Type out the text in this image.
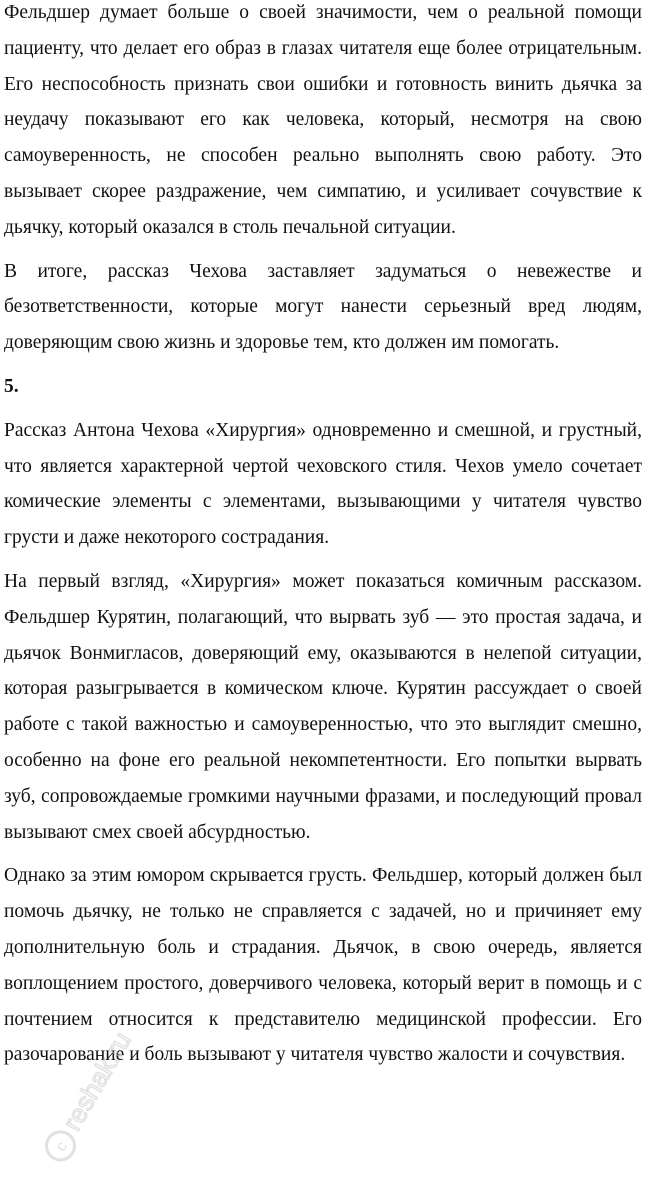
Фельдшер думает больше о своей значимости, чем о реальной помощи пациенту, что делает его образ в глазах читателя еще более отрицательным. Его неспособность признать свои ошибки и готовность винить дьячка за неудачу показывают его как человека, который, несмотря на свою самоуверенность, не способен реально выполнять свою работу. Это вызывает скорее раздражение, чем симпатию, и усиливает сочувствие к дьячку, который оказался в столь печальной ситуации.

В итоге, рассказ Чехова заставляет задуматься о невежестве и безответственности, которые могут нанести серьезный вред людям, доверяющим свою жизнь и здоровье тем, кто должен им помогать.

5.

Рассказ Антона Чехова «Хирургия» одновременно и смешной, и грустный, что является характерной чертой чеховского стиля. Чехов умело сочетает комические элементы с элементами, вызывающими у читателя чувство грусти и даже некоторого сострадания.

На первый взгляд, «Хирургия» может показаться комичным рассказом. Фельдшер Курятин, полагающий, что вырвать зуб — это простая задача, и дьячок Вонмигласов, доверяющий ему, оказываются в нелепой ситуации, которая разыгрывается в комическом ключе. Курятин рассуждает о своей работе с такой важностью и самоуверенностью, что это выглядит смешно, особенно на фоне его реальной некомпетентности. Его попытки вырвать зуб, сопровождаемые громкими научными фразами, и последующий провал вызывают смех своей абсурдностью.

Однако за этим юмором скрывается грусть. Фельдшер, который должен был помочь дьячку, не только не справляется с задачей, но и причиняет ему дополнительную боль и страдания. Дьячок, в свою очередь, является воплощением простого, доверчивого человека, который верит в помощь и с почтением относится к представителю медицинской профессии. Его разочарование и боль вызывают у читателя чувство жалости и сочувствия.

c
reshak.ru
